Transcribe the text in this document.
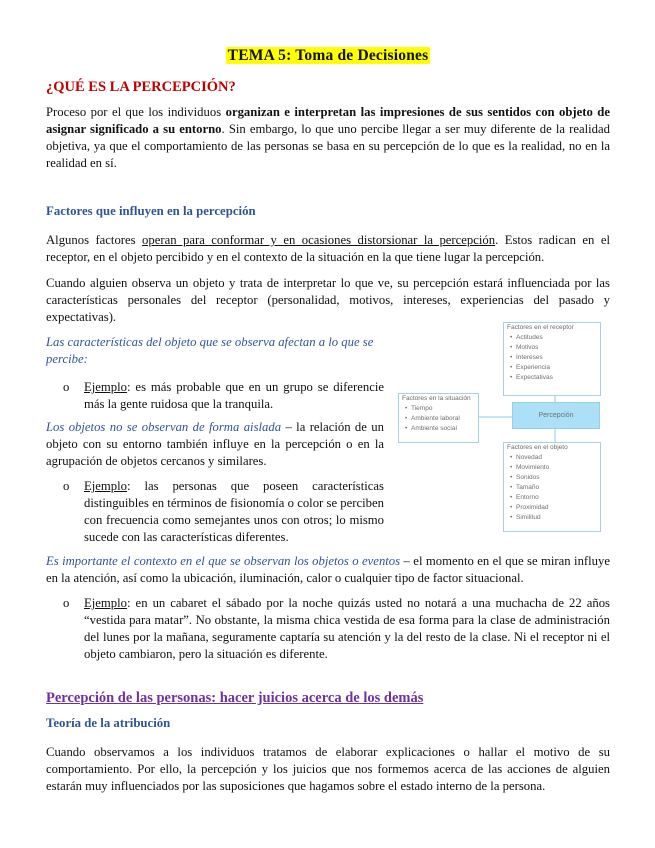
TEMA 5: Toma de Decisiones
¿QUÉ ES LA PERCEPCIÓN?

Proceso por el que los individuos organizan e interpretan las impresiones de sus sentidos con objeto de asignar significado a su entorno. Sin embargo, lo que uno percibe llegar a ser muy diferente de la realidad objetiva, ya que el comportamiento de las personas se basa en su percepción de lo que es la realidad, no en la realidad en sí.

Factores que influyen en la percepción

Algunos factores operan para conformar y en ocasiones distorsionar la percepción. Estos radican en el receptor, en el objeto percibido y en el contexto de la situación en la que tiene lugar la percepción.

Cuando alguien observa un objeto y trata de interpretar lo que ve, su percepción estará influenciada por las características personales del receptor (personalidad, motivos, intereses, experiencias del pasado y expectativas).

Las características del objeto que se observa afectan a lo que se percibe:

o Ejemplo: es más probable que en un grupo se diferencie más la gente ruidosa que la tranquila.

Los objetos no se observan de forma aislada – la relación de un objeto con su entorno también influye en la percepción o en la agrupación de objetos cercanos y similares.

o Ejemplo: las personas que poseen características distinguibles en términos de fisionomía o color se perciben con frecuencia como semejantes unos con otros; lo mismo sucede con las características diferentes.

Es importante el contexto en el que se observan los objetos o eventos – el momento en el que se miran influye en la atención, así como la ubicación, iluminación, calor o cualquier tipo de factor situacional.

o Ejemplo: en un cabaret el sábado por la noche quizás usted no notará a una muchacha de 22 años “vestida para matar”. No obstante, la misma chica vestida de esa forma para la clase de administración del lunes por la mañana, seguramente captaría su atención y la del resto de la clase. Ni el receptor ni el objeto cambiaron, pero la situación es diferente.

Percepción de las personas: hacer juicios acerca de los demás
Teoría de la atribución

Cuando observamos a los individuos tratamos de elaborar explicaciones o hallar el motivo de su comportamiento. Por ello, la percepción y los juicios que nos formemos acerca de las acciones de alguien estarán muy influenciados por las suposiciones que hagamos sobre el estado interno de la persona.

Factores en el receptor
• Actitudes
• Motivos
• Intereses
• Experiencia
• Expectativas
Factores en la situación
• Tiempo
• Ambiente laboral
• Ambiente social
Percepción
Factores en el objeto
• Novedad
• Movimiento
• Sonidos
• Tamaño
• Entorno
• Proximidad
• Similitud
